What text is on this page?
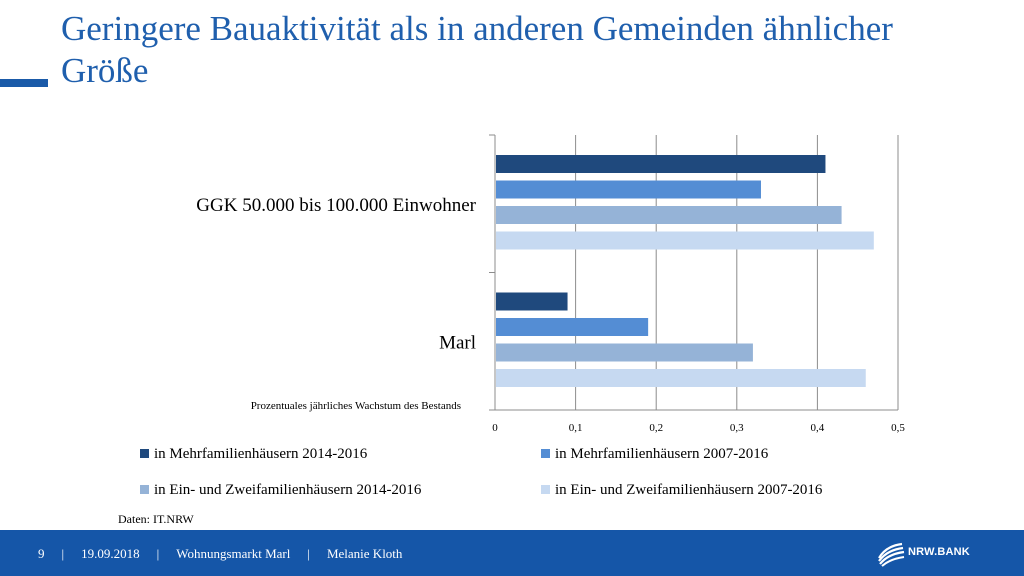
Geringere Bauaktivität als in anderen Gemeinden ähnlicher Größe
0	0,1	0,2	0,3	0,4	0,5
GGK 50.000 bis 100.000 Einwohner
Marl
Prozentuales jährliches Wachstum des Bestands
in Mehrfamilienhäusern 2014-2016	in Mehrfamilienhäusern 2007-2016
in Ein- und Zweifamilienhäusern 2014-2016	in Ein- und Zweifamilienhäusern 2007-2016
Daten: IT.NRW
9 | 19.09.2018 | Wohnungsmarkt Marl | Melanie Kloth	NRW.BANK
